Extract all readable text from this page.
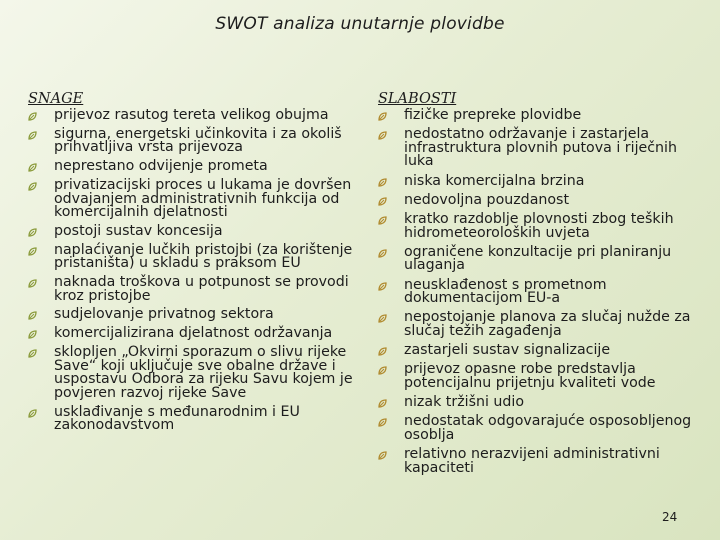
SWOT analiza unutarnje plovidbe
SNAGE
prijevoz rasutog tereta velikog obujma
sigurna, energetski učinkovita i za okoliš prihvatljiva vrsta prijevoza
neprestano odvijenje prometa
privatizacijski proces u lukama je dovršen odvajanjem administrativnih funkcija od komercijalnih djelatnosti
postoji sustav koncesija
naplaćivanje lučkih pristojbi (za korištenje pristaništa) u skladu s praksom EU
naknada troškova u potpunost se provodi kroz pristojbe
sudjelovanje privatnog sektora
komercijalizirana djelatnost održavanja
sklopljen „Okvirni sporazum o slivu rijeke Save“ koji uključuje sve obalne države i uspostavu Odbora za rijeku Savu kojem je povjeren razvoj rijeke Save
usklađivanje s međunarodnim i EU zakonodavstvom
SLABOSTI
fizičke prepreke plovidbe
nedostatno održavanje i zastarjela infrastruktura plovnih putova i riječnih luka
niska komercijalna brzina
nedovoljna pouzdanost
kratko razdoblje plovnosti zbog teških hidrometeoroloških uvjeta
ograničene konzultacije pri planiranju ulaganja
neusklađenost s prometnom dokumentacijom EU-a
nepostojanje planova za slučaj nužde za slučaj težih zagađenja
zastarjeli sustav signalizacije
prijevoz opasne robe predstavlja potencijalnu prijetnju kvaliteti vode
nizak tržišni udio
nedostatak odgovarajuće osposobljenog osoblja
relativno nerazvijeni administrativni kapaciteti
24
